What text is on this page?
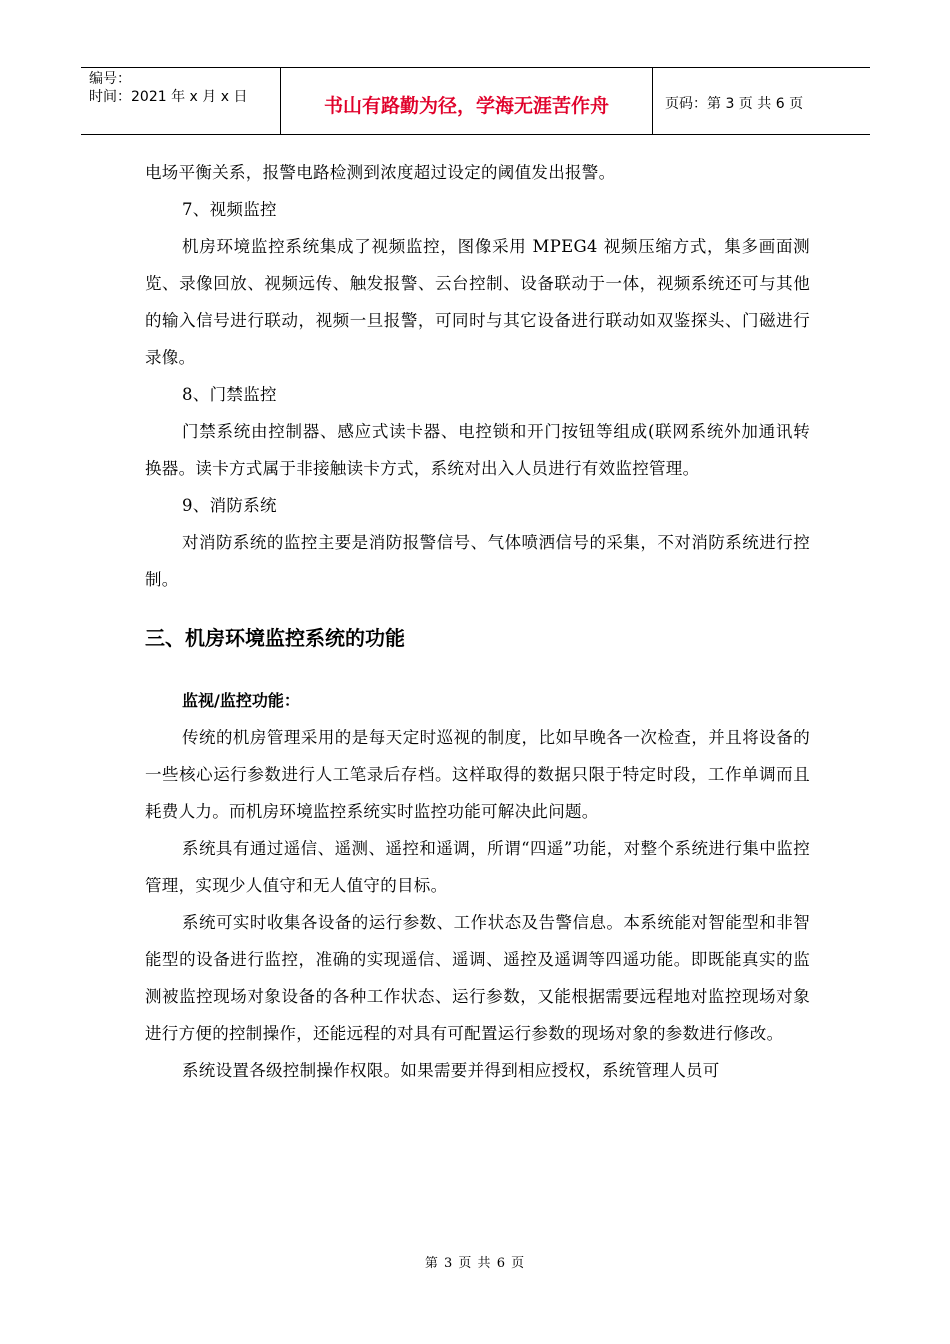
编号：
时间：2021 年 x 月 x 日	书山有路勤为径，学海无涯苦作舟	页码：第 3 页 共 6 页

电场平衡关系，报警电路检测到浓度超过设定的阈值发出报警。

7、视频监控

机房环境监控系统集成了视频监控，图像采用 MPEG4 视频压缩方式，集多画面测览、录像回放、视频远传、触发报警、云台控制、设备联动于一体，视频系统还可与其他的输入信号进行联动，视频一旦报警，可同时与其它设备进行联动如双鉴探头、门磁进行录像。

8、门禁监控

门禁系统由控制器、感应式读卡器、电控锁和开门按钮等组成(联网系统外加通讯转换器。读卡方式属于非接触读卡方式，系统对出入人员进行有效监控管理。

9、消防系统

对消防系统的监控主要是消防报警信号、气体喷洒信号的采集，不对消防系统进行控制。

三、机房环境监控系统的功能

监视/监控功能：

传统的机房管理采用的是每天定时巡视的制度，比如早晚各一次检查，并且将设备的一些核心运行参数进行人工笔录后存档。这样取得的数据只限于特定时段，工作单调而且耗费人力。而机房环境监控系统实时监控功能可解决此问题。

系统具有通过遥信、遥测、遥控和遥调，所谓“四遥”功能，对整个系统进行集中监控管理，实现少人值守和无人值守的目标。

系统可实时收集各设备的运行参数、工作状态及告警信息。本系统能对智能型和非智能型的设备进行监控，准确的实现遥信、遥调、遥控及遥调等四遥功能。即既能真实的监测被监控现场对象设备的各种工作状态、运行参数，又能根据需要远程地对监控现场对象进行方便的控制操作，还能远程的对具有可配置运行参数的现场对象的参数进行修改。

系统设置各级控制操作权限。如果需要并得到相应授权，系统管理人员可

第 3 页 共 6 页
